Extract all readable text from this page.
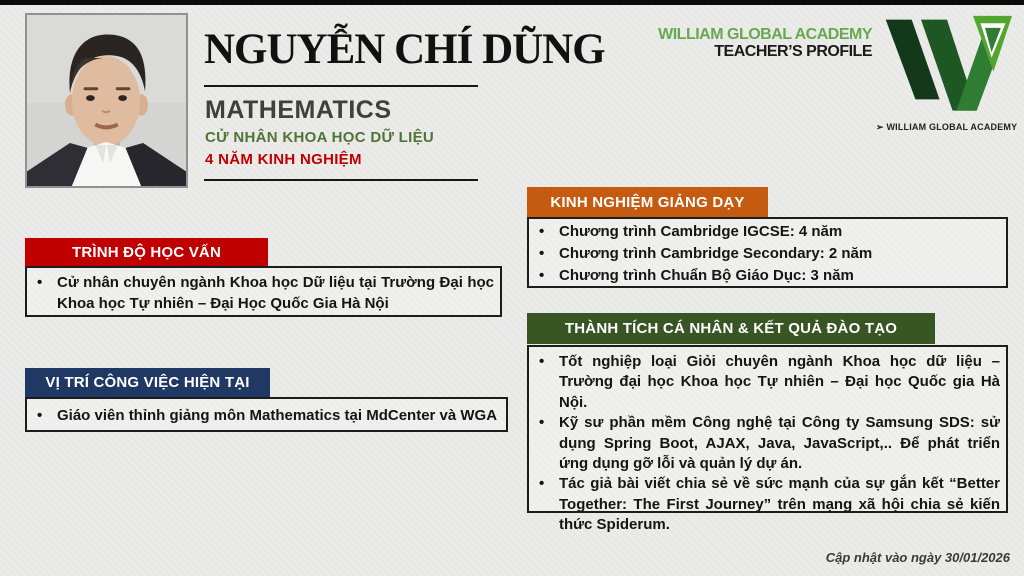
NGUYỄN CHÍ DŨNG
MATHEMATICS
CỬ NHÂN KHOA HỌC DỮ LIỆU
4 NĂM KINH NGHIỆM
WILLIAM GLOBAL ACADEMY
TEACHER’S PROFILE
➢ WILLIAM GLOBAL ACADEMY
TRÌNH ĐỘ HỌC VẤN
• Cử nhân chuyên ngành Khoa học Dữ liệu tại Trường Đại học Khoa học Tự nhiên – Đại Học Quốc Gia Hà Nội
VỊ TRÍ CÔNG VIỆC HIỆN TẠI
• Giáo viên thỉnh giảng môn Mathematics tại MdCenter và WGA
KINH NGHIỆM GIẢNG DẠY
• Chương trình Cambridge IGCSE: 4 năm
• Chương trình Cambridge Secondary: 2 năm
• Chương trình Chuẩn Bộ Giáo Dục: 3 năm
THÀNH TÍCH CÁ NHÂN & KẾT QUẢ ĐÀO TẠO
• Tốt nghiệp loại Giỏi chuyên ngành Khoa học dữ liệu – Trường đại học Khoa học Tự nhiên – Đại học Quốc gia Hà Nội.
• Kỹ sư phần mềm Công nghệ tại Công ty Samsung SDS: sử dụng Spring Boot, AJAX, Java, JavaScript,.. Để phát triển ứng dụng gỡ lỗi và quản lý dự án.
• Tác giả bài viết chia sẻ về sức mạnh của sự gắn kết “Better Together: The First Journey” trên mạng xã hội chia sẻ kiến thức Spiderum.
Cập nhật vào ngày 30/01/2026
